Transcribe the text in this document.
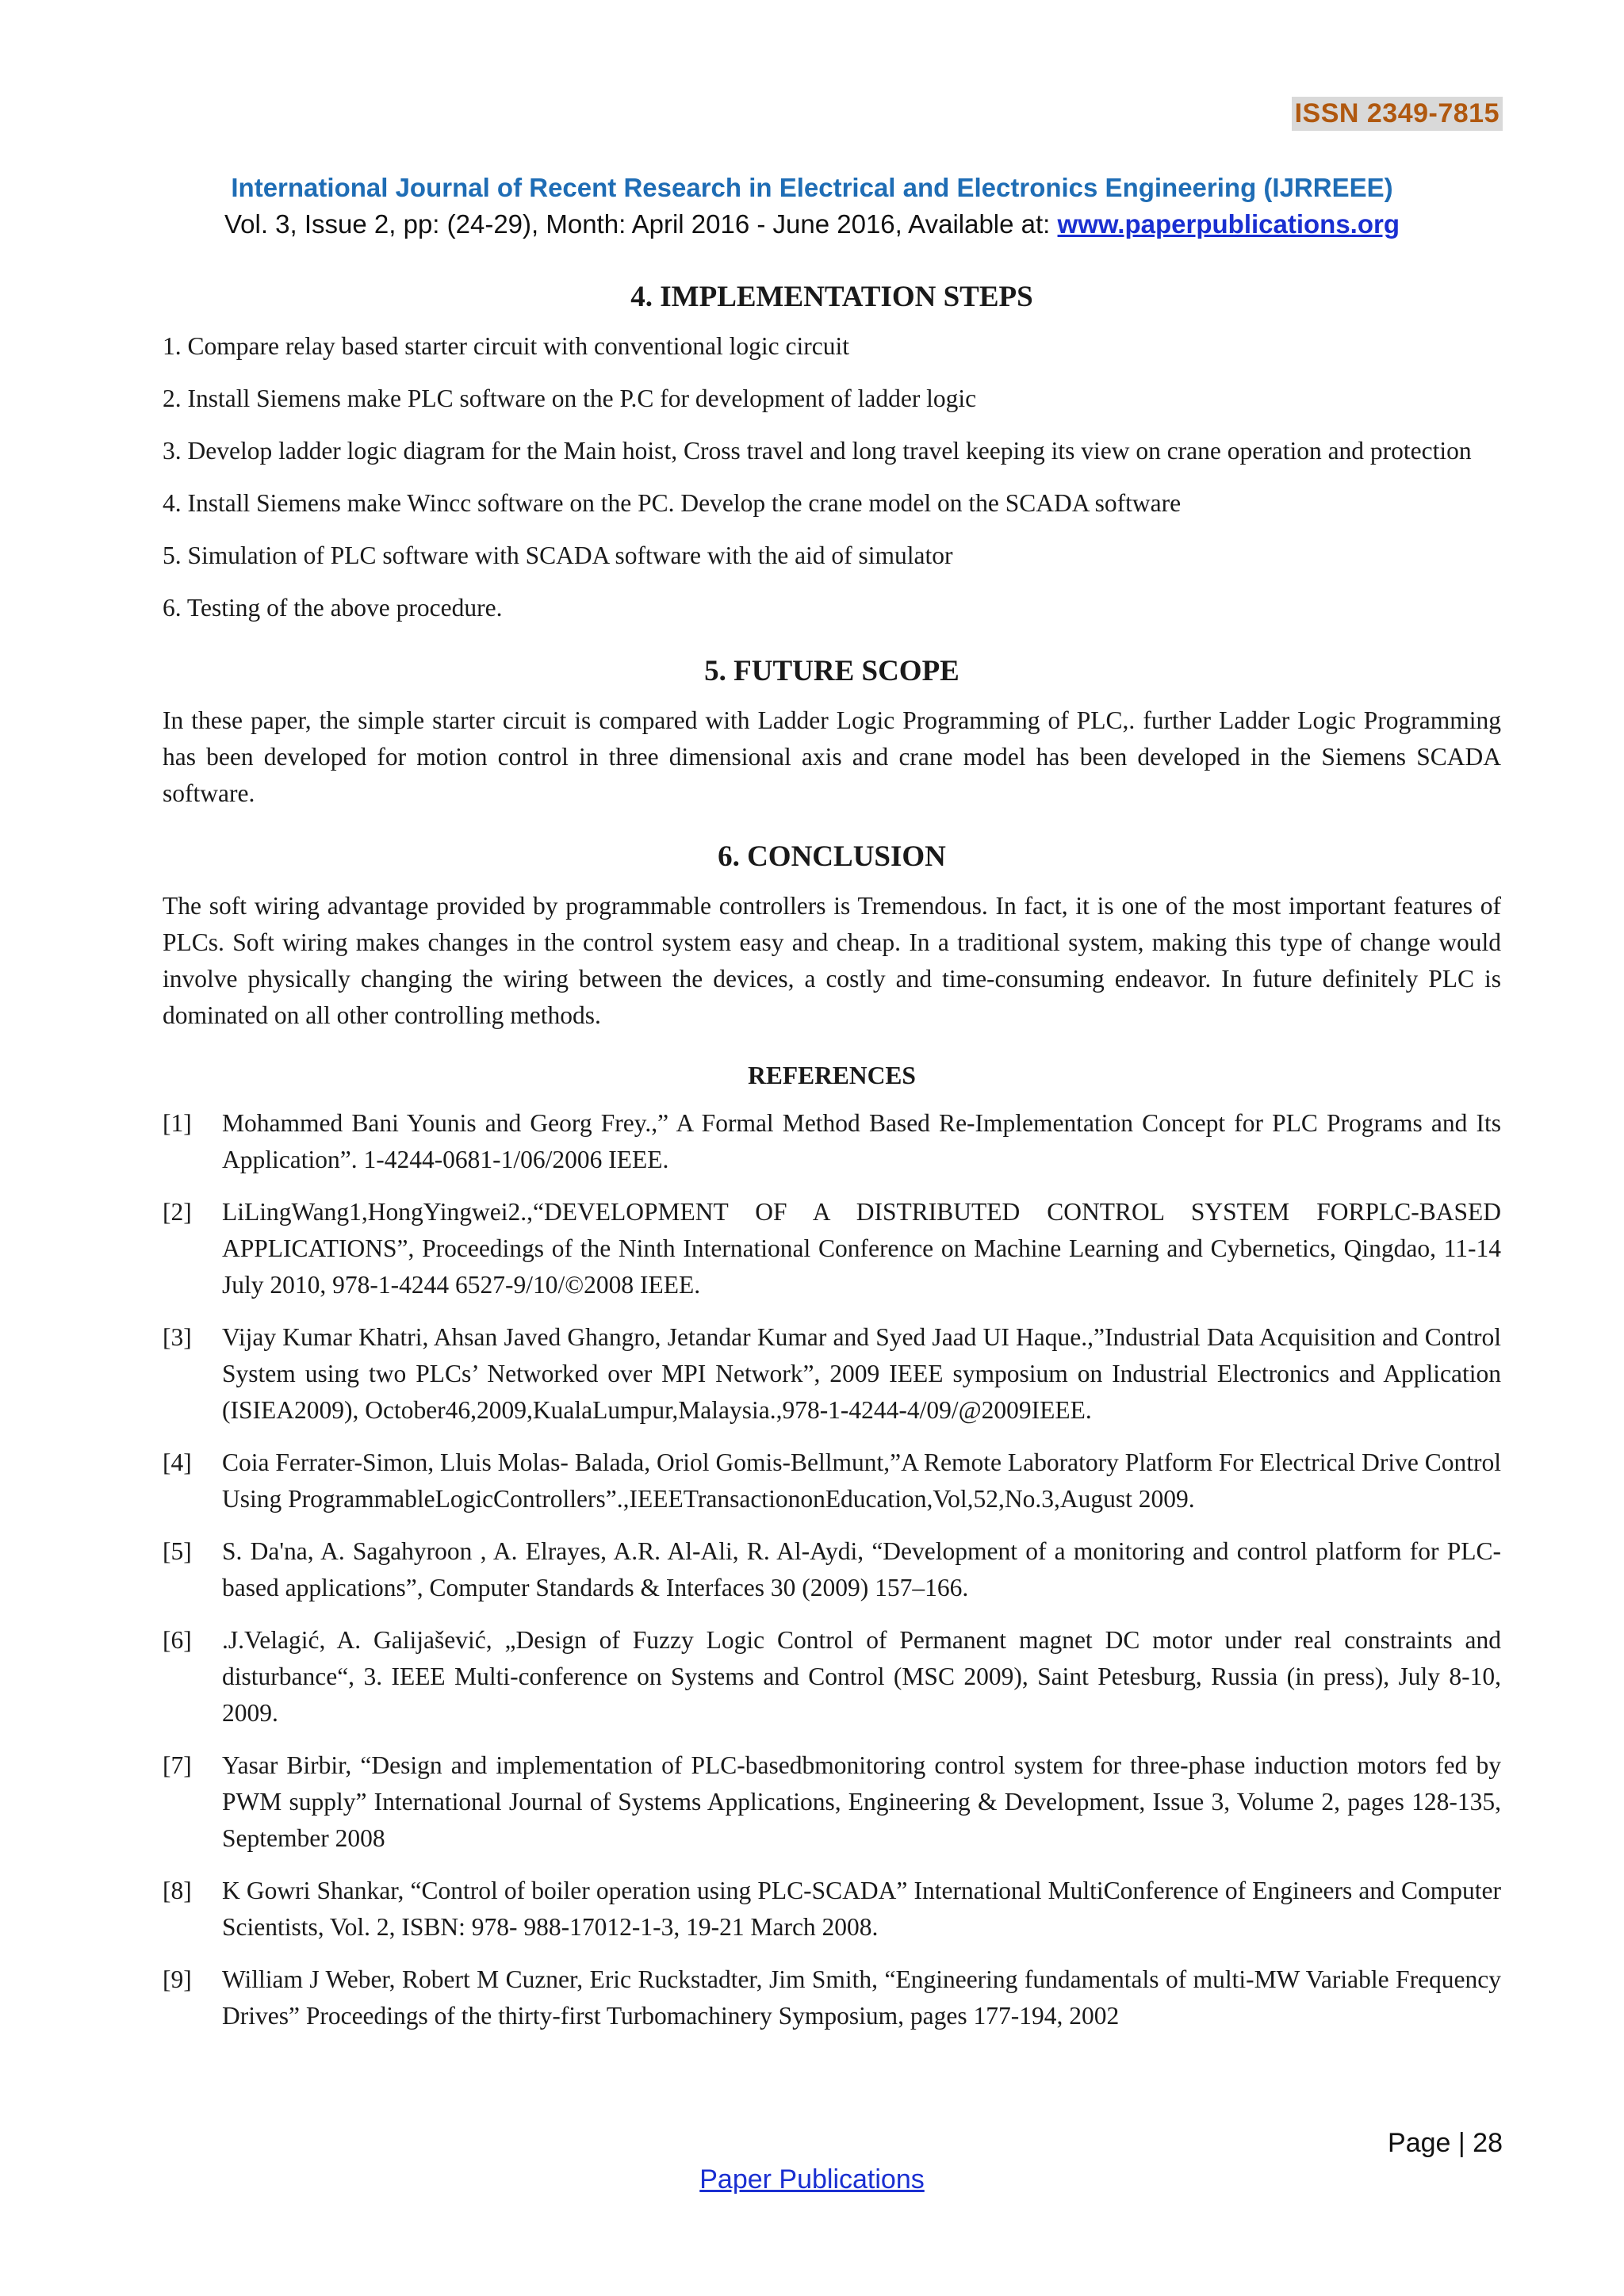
ISSN 2349-7815
International Journal of Recent Research in Electrical and Electronics Engineering (IJRREEE)
Vol. 3, Issue 2, pp: (24-29), Month: April 2016 - June 2016, Available at: www.paperpublications.org
4. IMPLEMENTATION STEPS

1. Compare relay based starter circuit with conventional logic circuit

2. Install Siemens make PLC software on the P.C for development of ladder logic

3. Develop ladder logic diagram for the Main hoist, Cross travel and long travel keeping its view on crane operation and protection

4. Install Siemens make Wincc software on the PC. Develop the crane model on the SCADA software

5. Simulation of PLC software with SCADA software with the aid of simulator

6. Testing of the above procedure.

5. FUTURE SCOPE

In these paper, the simple starter circuit is compared with Ladder Logic Programming of PLC,. further Ladder Logic Programming has been developed for motion control in three dimensional axis and crane model has been developed in the Siemens SCADA software.

6. CONCLUSION

The soft wiring advantage provided by programmable controllers is Tremendous. In fact, it is one of the most important features of PLCs. Soft wiring makes changes in the control system easy and cheap. In a traditional system, making this type of change would involve physically changing the wiring between the devices, a costly and time-consuming endeavor. In future definitely PLC is dominated on all other controlling methods.

REFERENCES
[1]	Mohammed Bani Younis and Georg Frey.,” A Formal Method Based Re-Implementation Concept for PLC Programs and Its Application”. 1-4244-0681-1/06/2006 IEEE.
[2]	LiLingWang1,HongYingwei2.,“DEVELOPMENT OF A DISTRIBUTED CONTROL SYSTEM FORPLC-BASED APPLICATIONS”, Proceedings of the Ninth International Conference on Machine Learning and Cybernetics, Qingdao, 11-14 July 2010, 978-1-4244 6527-9/10/©2008 IEEE.
[3]	Vijay Kumar Khatri, Ahsan Javed Ghangro, Jetandar Kumar and Syed Jaad UI Haque.,”Industrial Data Acquisition and Control System using two PLCs’ Networked over MPI Network”, 2009 IEEE symposium on Industrial Electronics and Application (ISIEA2009), October46,2009,KualaLumpur,Malaysia.,978-1-4244-4/09/@2009IEEE.
[4]	Coia Ferrater-Simon, Lluis Molas- Balada, Oriol Gomis-Bellmunt,”A Remote Laboratory Platform For Electrical Drive Control Using ProgrammableLogicControllers”.,IEEETransactiononEducation,Vol,52,No.3,August 2009.
[5]	S. Da'na, A. Sagahyroon , A. Elrayes, A.R. Al-Ali, R. Al-Aydi, “Development of a monitoring and control platform for PLC-based applications”, Computer Standards & Interfaces 30 (2009) 157–166.
[6]	.J.Velagić, A. Galijašević, „Design of Fuzzy Logic Control of Permanent magnet DC motor under real constraints and disturbance“, 3. IEEE Multi-conference on Systems and Control (MSC 2009), Saint Petesburg, Russia (in press), July 8-10, 2009.
[7]	Yasar Birbir, “Design and implementation of PLC-basedbmonitoring control system for three-phase induction motors fed by PWM supply” International Journal of Systems Applications, Engineering & Development, Issue 3, Volume 2, pages 128-135, September 2008
[8]	K Gowri Shankar, “Control of boiler operation using PLC-SCADA” International MultiConference of Engineers and Computer Scientists, Vol. 2, ISBN: 978- 988-17012-1-3, 19-21 March 2008.
[9]	William J Weber, Robert M Cuzner, Eric Ruckstadter, Jim Smith, “Engineering fundamentals of multi-MW Variable Frequency Drives” Proceedings of the thirty-first Turbomachinery Symposium, pages 177-194, 2002
Page | 28
Paper Publications
